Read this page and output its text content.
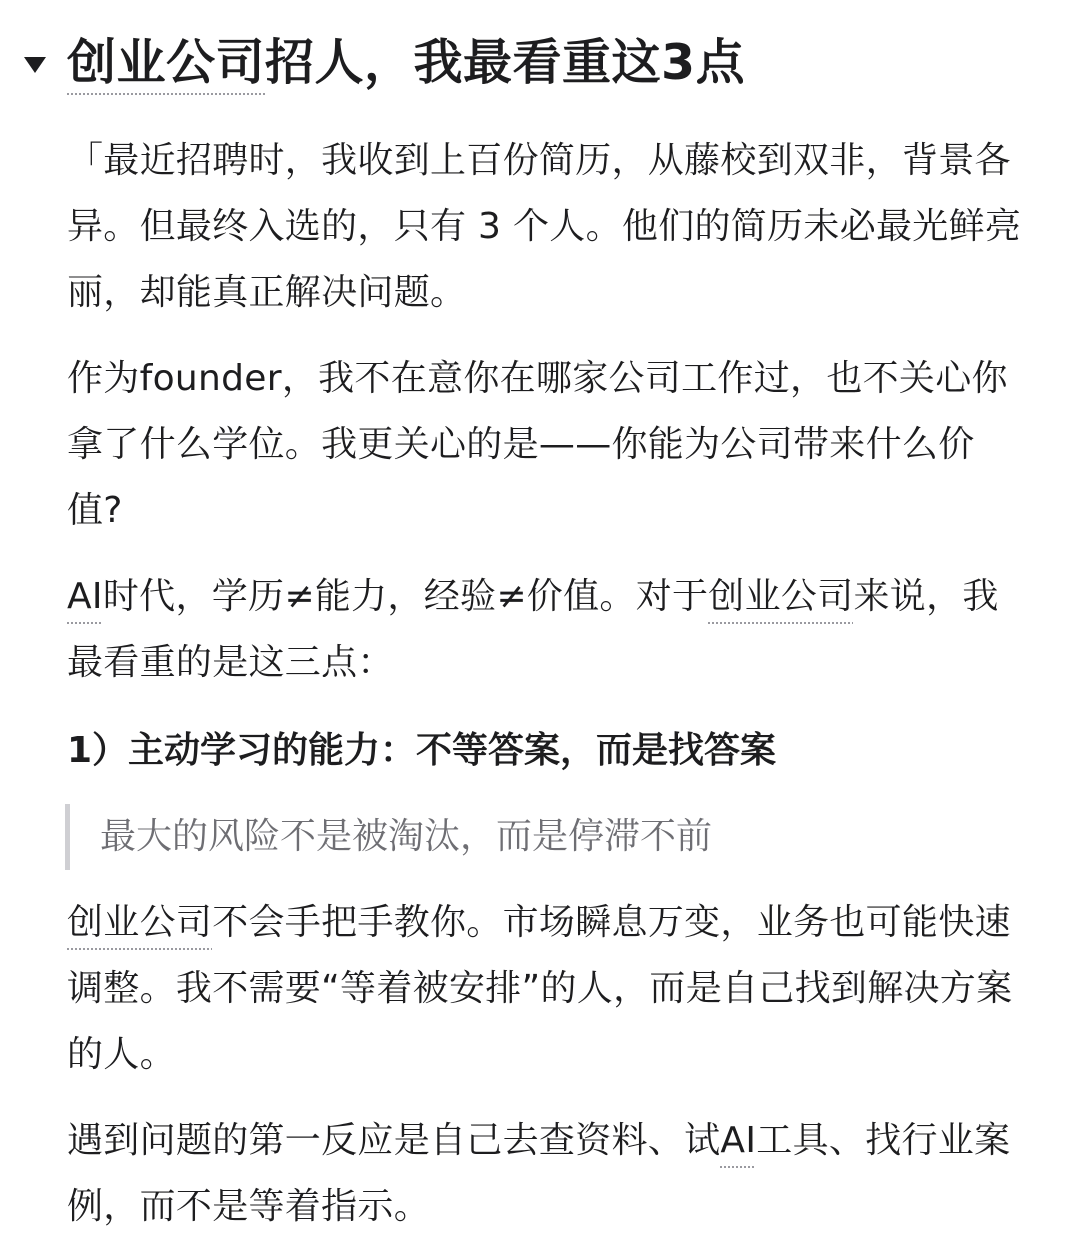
创业公司招人，我最看重这3点

「最近招聘时，我收到上百份简历，从藤校到双非，背景各异。但最终入选的，只有 3 个人。他们的简历未必最光鲜亮丽，却能真正解决问题。

作为founder，我不在意你在哪家公司工作过，也不关心你拿了什么学位。我更关心的是——你能为公司带来什么价值?

AI时代，学历≠能力，经验≠价值。对于创业公司来说，我最看重的是这三点：

1）主动学习的能力：不等答案，而是找答案
最大的风险不是被淘汰，而是停滞不前

创业公司不会手把手教你。市场瞬息万变，业务也可能快速调整。我不需要“等着被安排”的人，而是自己找到解决方案的人。

遇到问题的第一反应是自己去查资料、试AI工具、找行业案例，而不是等着指示。
